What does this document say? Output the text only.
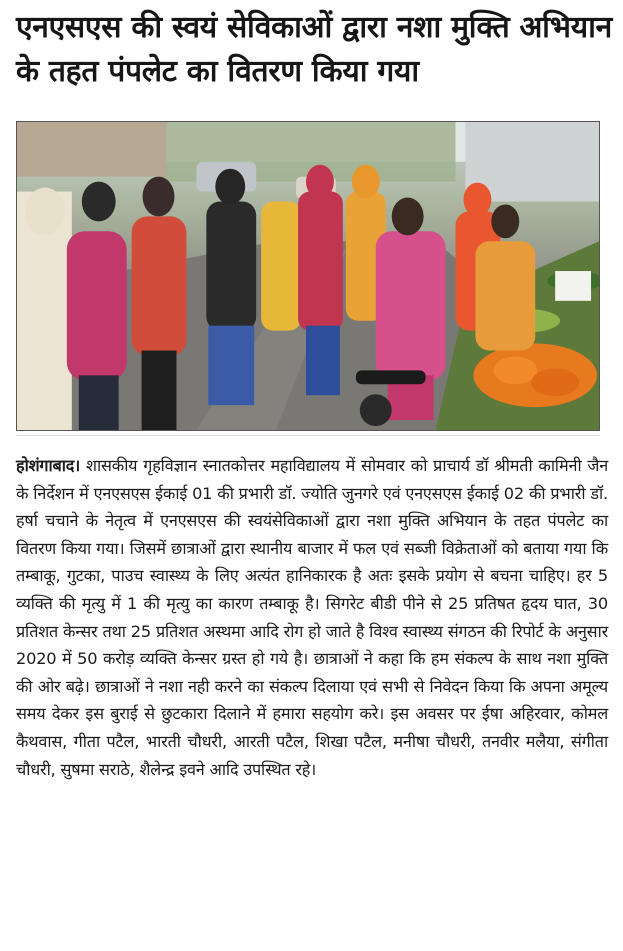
एनएसएस की स्वयं सेविकाओं द्वारा नशा मुक्ति अभियान के तहत पंपलेट का वितरण किया गया
होशंगाबाद। शासकीय गृहविज्ञान स्नातकोत्तर महाविद्यालय में सोमवार को प्राचार्य डॉ श्रीमती कामिनी जैन के निर्देशन में एनएसएस ईकाई 01 की प्रभारी डॉ. ज्योति जुनगरे एवं एनएसएस ईकाई 02 की प्रभारी डॉ. हर्षा चचाने के नेतृत्व में एनएसएस की स्वयंसेविकाओं द्वारा नशा मुक्ति अभियान के तहत पंपलेट का वितरण किया गया। जिसमें छात्राओं द्वारा स्थानीय बाजार में फल एवं सब्जी विक्रेताओं को बताया गया कि तम्बाकू, गुटका, पाउच स्वास्थ्य के लिए अत्यंत हानिकारक है अतः इसके प्रयोग से बचना चाहिए। हर 5 व्यक्ति की मृत्यु में 1 की मृत्यु का कारण तम्बाकू है। सिगरेट बीडी पीने से 25 प्रतिषत हृदय घात, 30 प्रतिशत केन्सर तथा 25 प्रतिशत अस्थमा आदि रोग हो जाते है विश्व स्वास्थ्य संगठन की रिपोर्ट के अनुसार 2020 में 50 करोड़ व्यक्ति केन्सर ग्रस्त हो गये है। छात्राओं ने कहा कि हम संकल्प के साथ नशा मुक्ति की ओर बढ़े। छात्राओं ने नशा नही करने का संकल्प दिलाया एवं सभी से निवेदन किया कि अपना अमूल्य समय देकर इस बुराई से छुटकारा दिलाने में हमारा सहयोग करे। इस अवसर पर ईषा अहिरवार, कोमल कैथवास, गीता पटैल, भारती चौधरी, आरती पटैल, शिखा पटैल, मनीषा चौधरी, तनवीर मलैया, संगीता चौधरी, सुषमा सराठे, शैलेन्द्र इवने आदि उपस्थित रहे।
